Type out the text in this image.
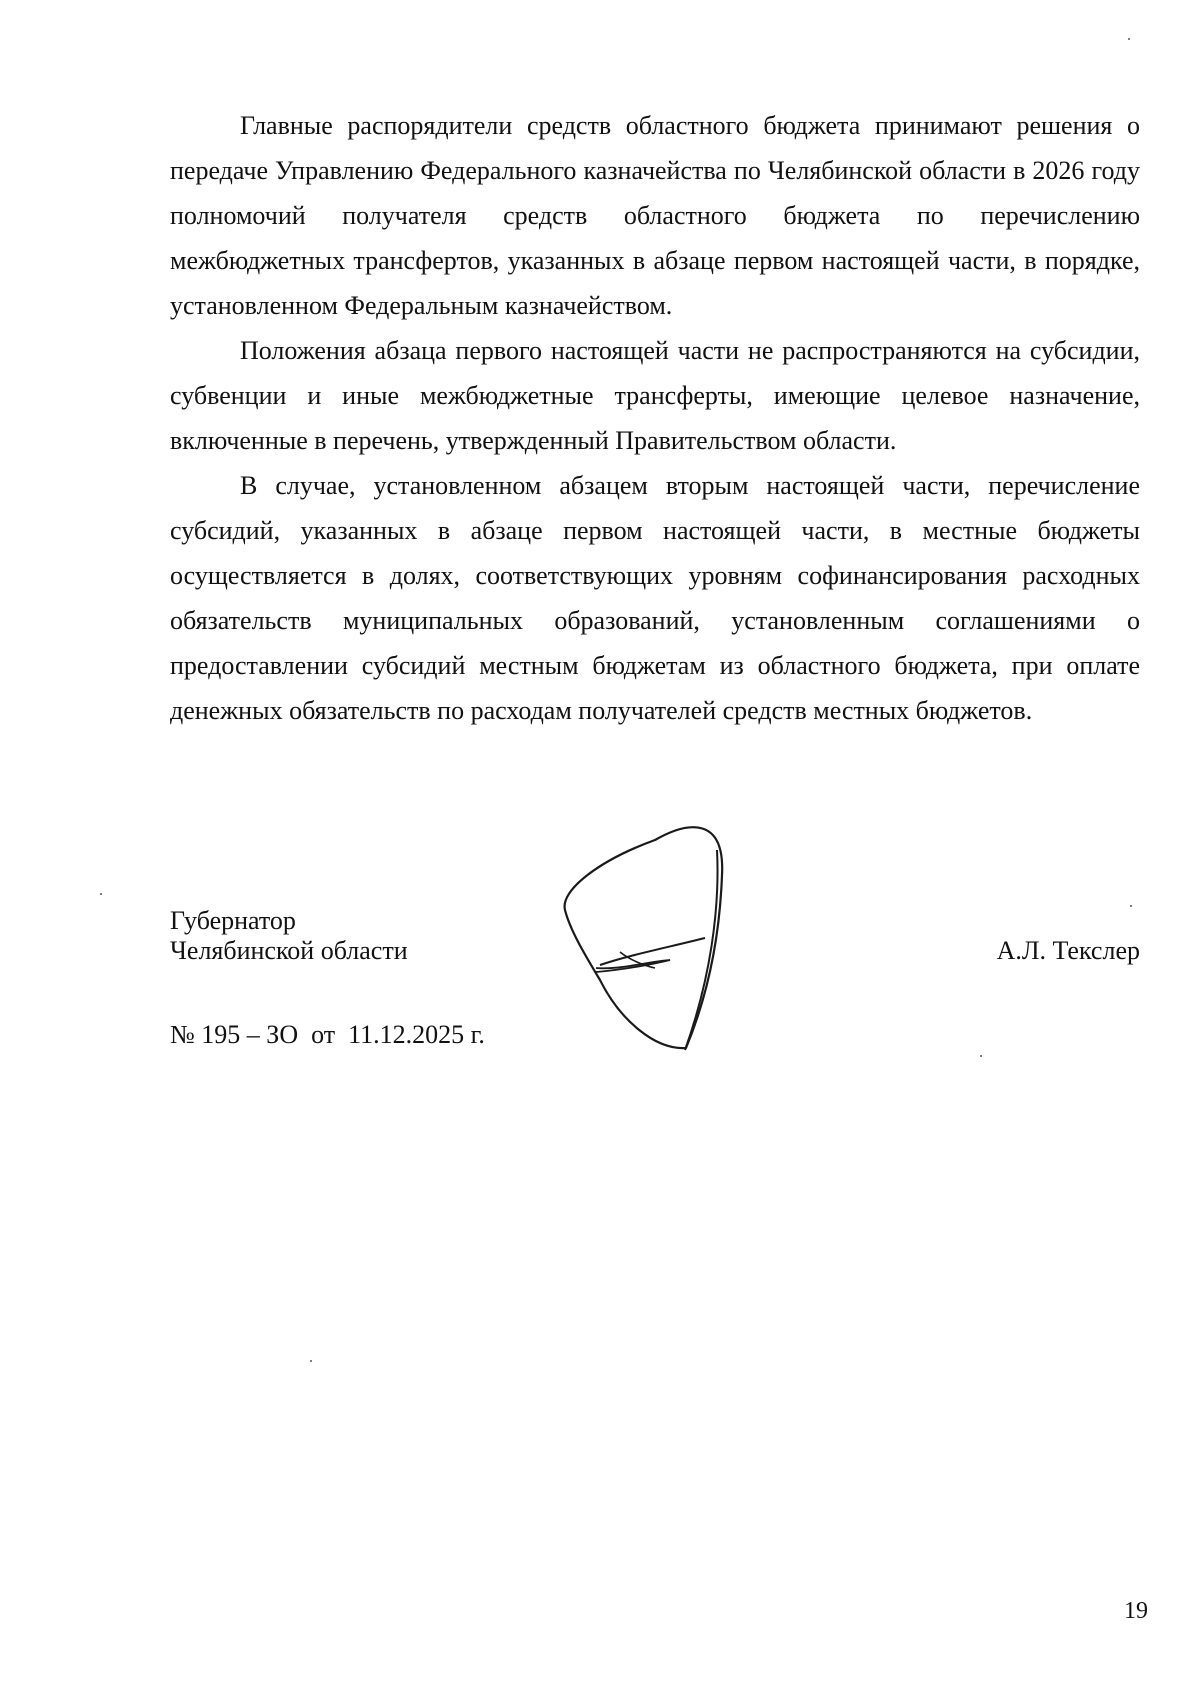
Главные распорядители средств областного бюджета принимают решения о передаче Управлению Федерального казначейства по Челябинской области в 2026 году полномочий получателя средств областного бюджета по перечислению межбюджетных трансфертов, указанных в абзаце первом настоящей части, в порядке, установленном Федеральным казначейством.

Положения абзаца первого настоящей части не распространяются на субсидии, субвенции и иные межбюджетные трансферты, имеющие целевое назначение, включенные в перечень, утвержденный Правительством области.

В случае, установленном абзацем вторым настоящей части, перечисление субсидий, указанных в абзаце первом настоящей части, в местные бюджеты осуществляется в долях, соответствующих уровням софинансирования расходных обязательств муниципальных образований, установленным соглашениями о предоставлении субсидий местным бюджетам из областного бюджета, при оплате денежных обязательств по расходам получателей средств местных бюджетов.

Губернатор
Челябинской области	А.Л. Текслер
№ 195 – ЗО  от  11.12.2025 г.
19
